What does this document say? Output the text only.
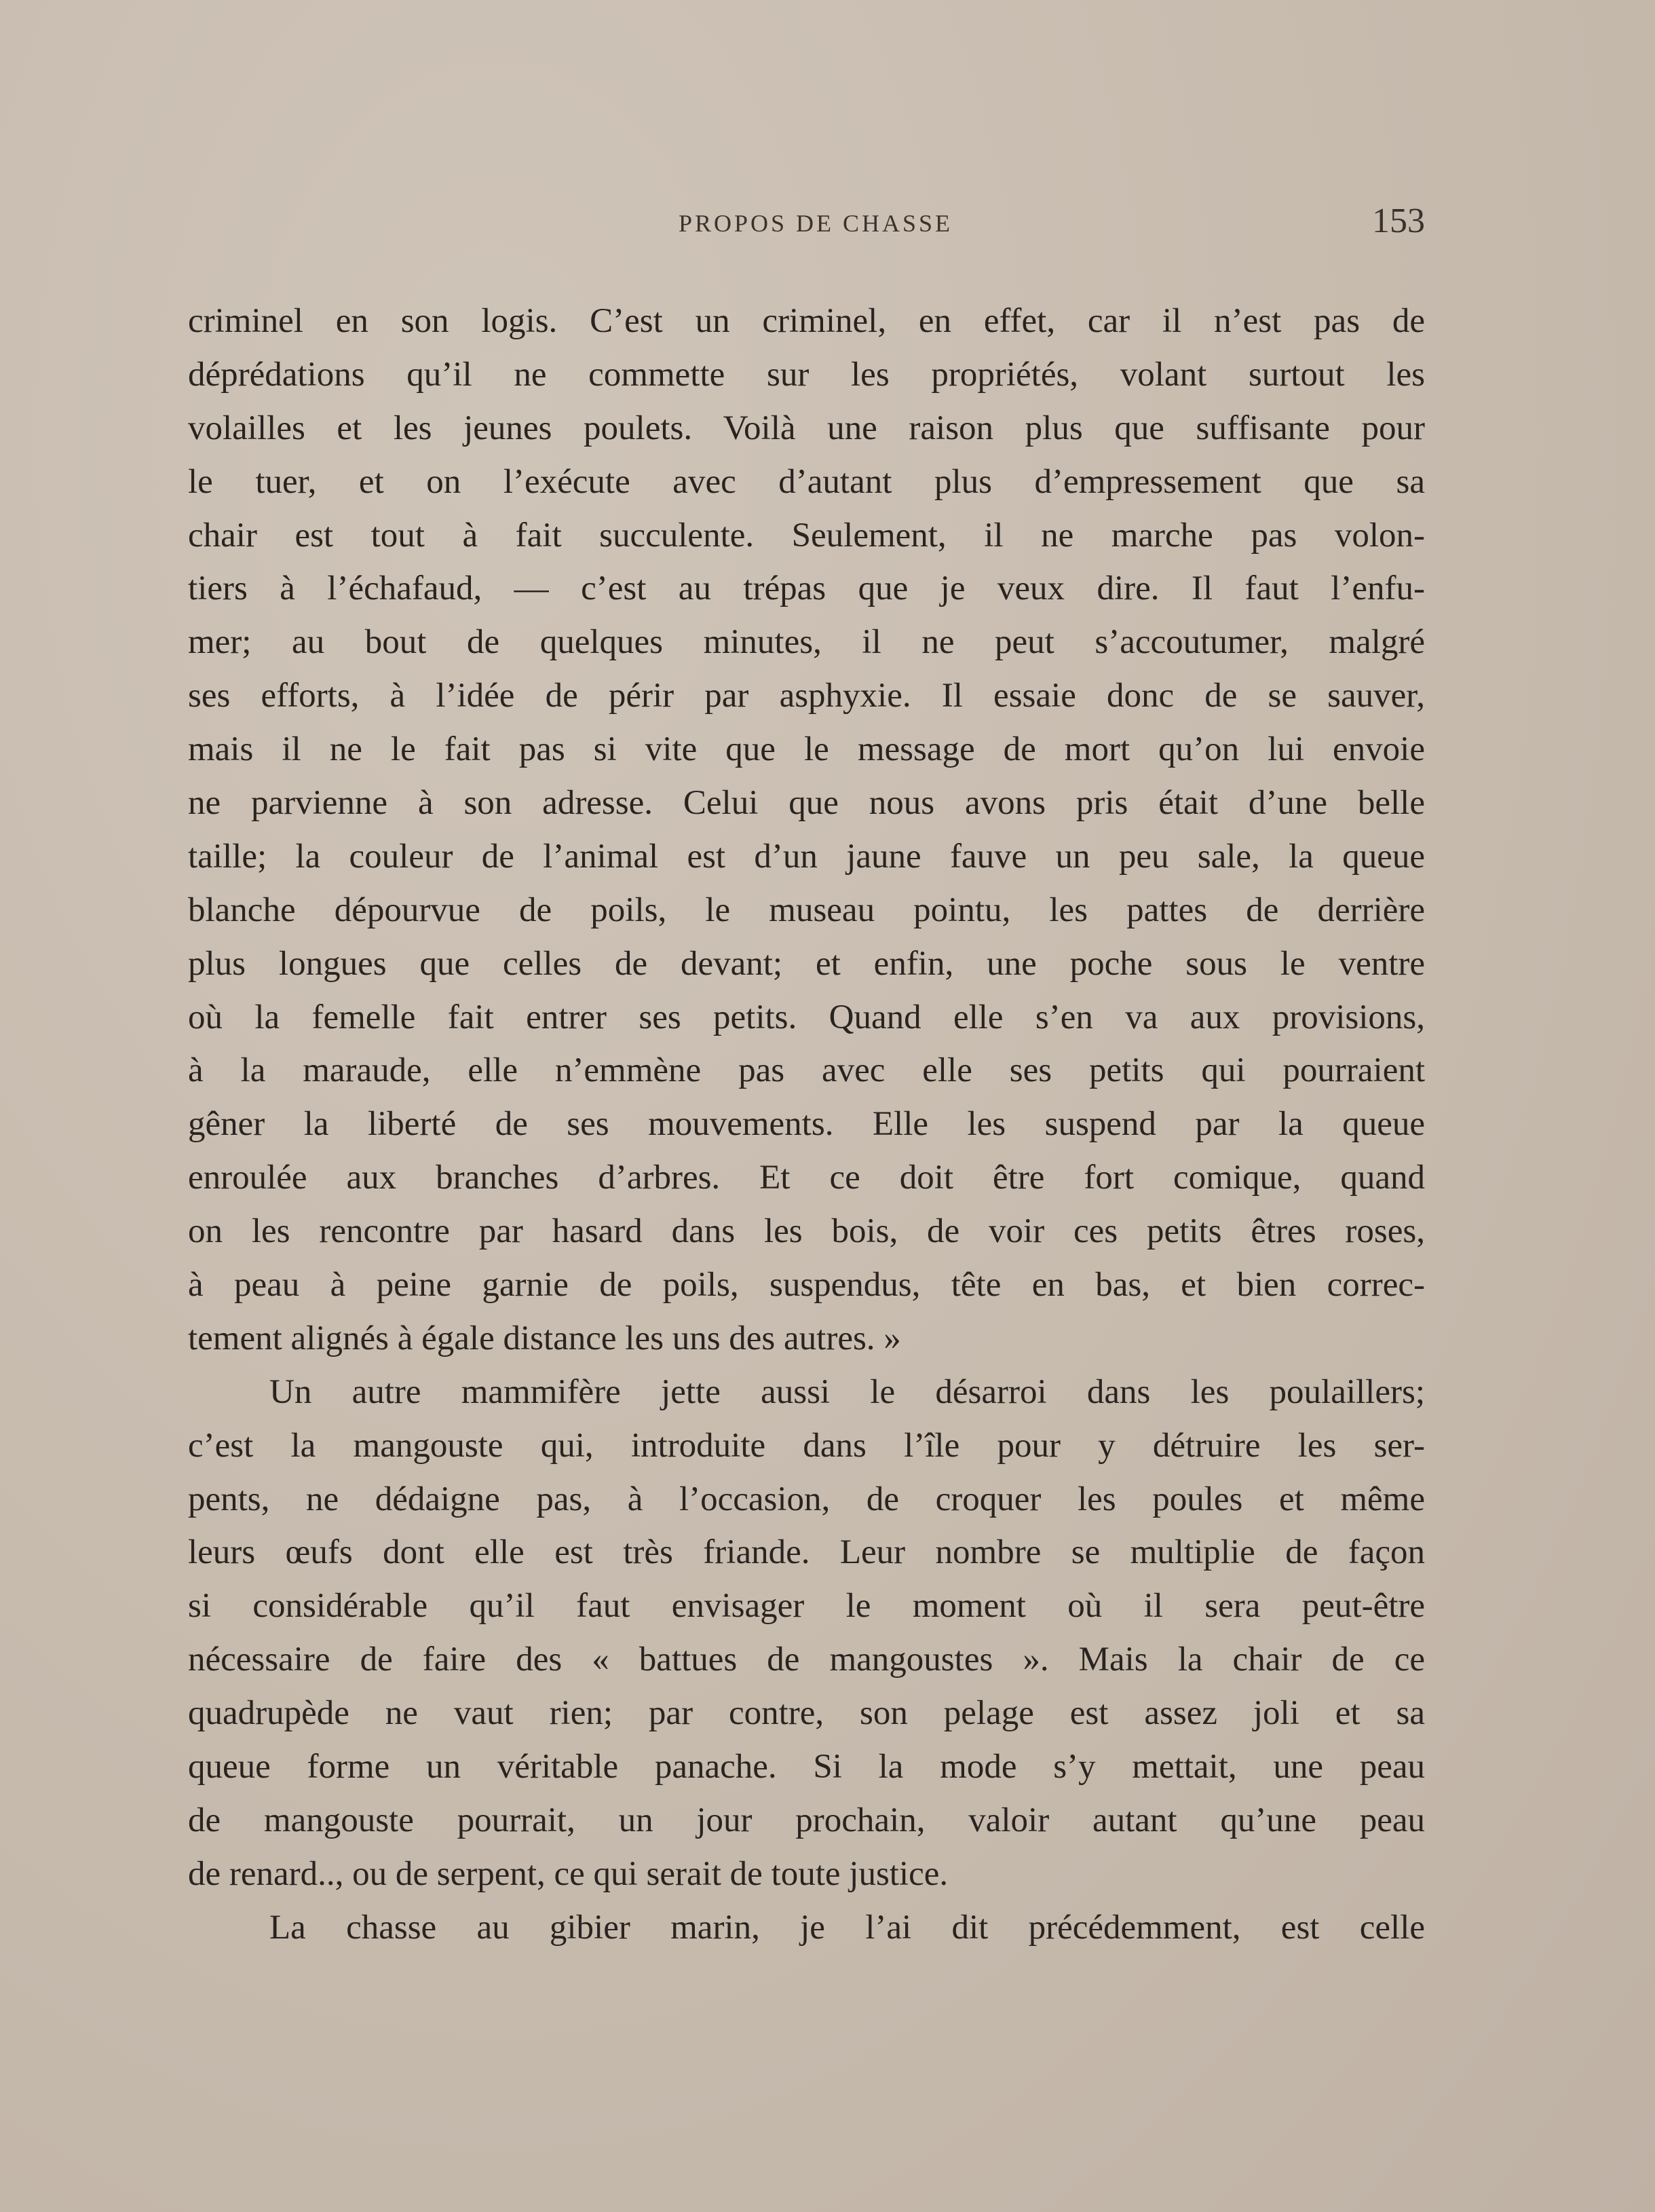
PROPOS DE CHASSE	153
criminel en son logis. C’est un criminel, en effet, car il n’est pas de
déprédations qu’il ne commette sur les propriétés, volant surtout les
volailles et les jeunes poulets. Voilà une raison plus que suffisante pour
le tuer, et on l’exécute avec d’autant plus d’empressement que sa
chair est tout à fait succulente. Seulement, il ne marche pas volon-
tiers à l’échafaud, — c’est au trépas que je veux dire. Il faut l’enfu-
mer; au bout de quelques minutes, il ne peut s’accoutumer, malgré
ses efforts, à l’idée de périr par asphyxie. Il essaie donc de se sauver,
mais il ne le fait pas si vite que le message de mort qu’on lui envoie
ne parvienne à son adresse. Celui que nous avons pris était d’une belle
taille; la couleur de l’animal est d’un jaune fauve un peu sale, la queue
blanche dépourvue de poils, le museau pointu, les pattes de derrière
plus longues que celles de devant; et enfin, une poche sous le ventre
où la femelle fait entrer ses petits. Quand elle s’en va aux provisions,
à la maraude, elle n’emmène pas avec elle ses petits qui pourraient
gêner la liberté de ses mouvements. Elle les suspend par la queue
enroulée aux branches d’arbres. Et ce doit être fort comique, quand
on les rencontre par hasard dans les bois, de voir ces petits êtres roses,
à peau à peine garnie de poils, suspendus, tête en bas, et bien correc-
tement alignés à égale distance les uns des autres. »
Un autre mammifère jette aussi le désarroi dans les poulaillers;
c’est la mangouste qui, introduite dans l’île pour y détruire les ser-
pents, ne dédaigne pas, à l’occasion, de croquer les poules et même
leurs œufs dont elle est très friande. Leur nombre se multiplie de façon
si considérable qu’il faut envisager le moment où il sera peut-être
nécessaire de faire des « battues de mangoustes ». Mais la chair de ce
quadrupède ne vaut rien; par contre, son pelage est assez joli et sa
queue forme un véritable panache. Si la mode s’y mettait, une peau
de mangouste pourrait, un jour prochain, valoir autant qu’une peau
de renard.., ou de serpent, ce qui serait de toute justice.
La chasse au gibier marin, je l’ai dit précédemment, est celle
